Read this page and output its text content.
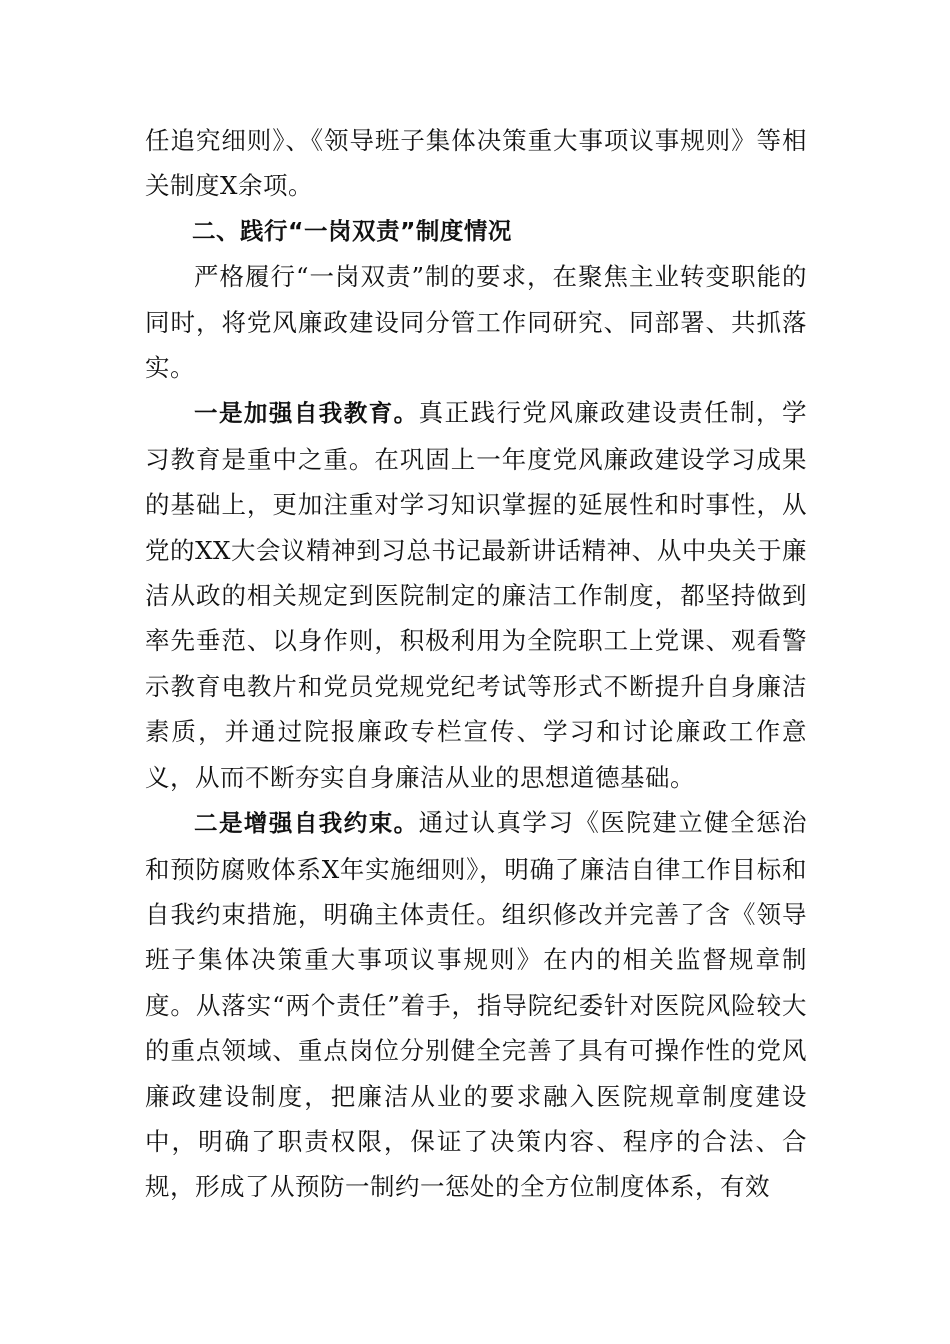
任追究细则》、《领导班子集体决策重大事项议事规则》等相关制度X余项。

二、践行“一岗双责”制度情况

严格履行“一岗双责”制的要求，在聚焦主业转变职能的同时，将党风廉政建设同分管工作同研究、同部署、共抓落实。

一是加强自我教育。真正践行党风廉政建设责任制，学习教育是重中之重。在巩固上一年度党风廉政建设学习成果的基础上，更加注重对学习知识掌握的延展性和时事性，从党的XX大会议精神到习总书记最新讲话精神、从中央关于廉洁从政的相关规定到医院制定的廉洁工作制度，都坚持做到率先垂范、以身作则，积极利用为全院职工上党课、观看警示教育电教片和党员党规党纪考试等形式不断提升自身廉洁素质，并通过院报廉政专栏宣传、学习和讨论廉政工作意义，从而不断夯实自身廉洁从业的思想道德基础。

二是增强自我约束。通过认真学习《医院建立健全惩治和预防腐败体系X年实施细则》，明确了廉洁自律工作目标和自我约束措施，明确主体责任。组织修改并完善了含《领导班子集体决策重大事项议事规则》在内的相关监督规章制度。从落实“两个责任”着手，指导院纪委针对医院风险较大的重点领域、重点岗位分别健全完善了具有可操作性的党风廉政建设制度，把廉洁从业的要求融入医院规章制度建设中，明确了职责权限，保证了决策内容、程序的合法、合规，形成了从预防一制约一惩处的全方位制度体系，有效
